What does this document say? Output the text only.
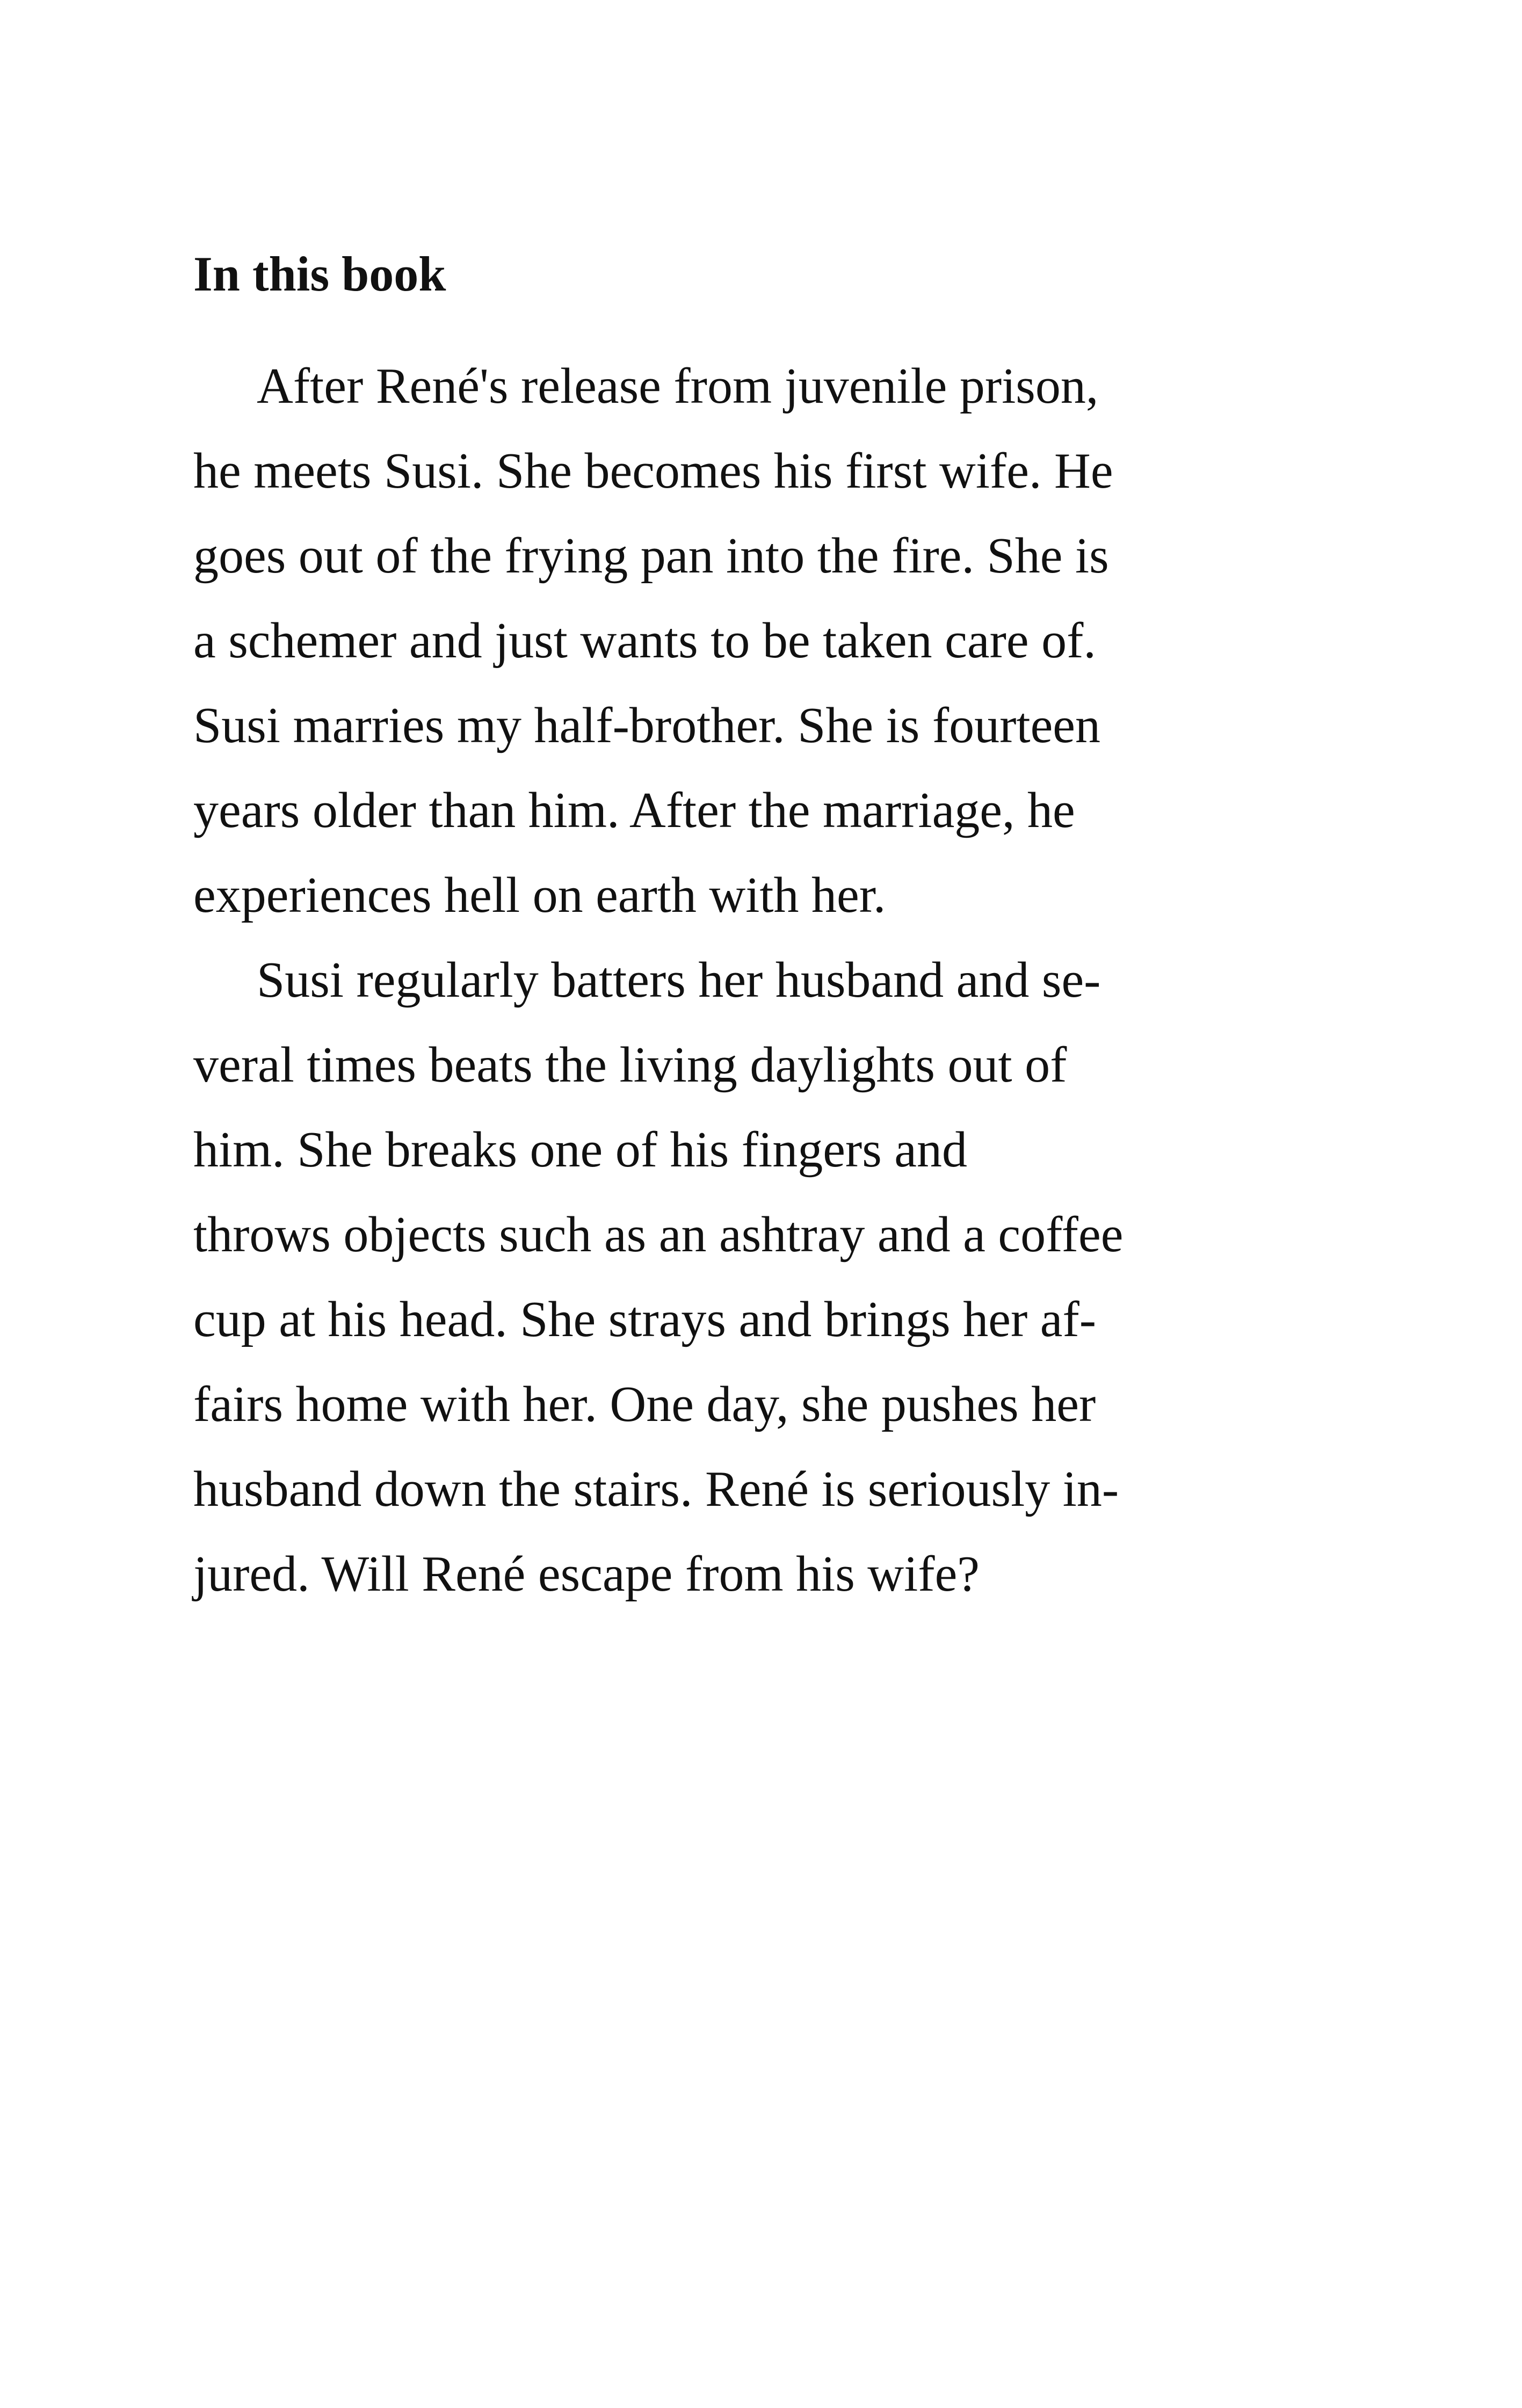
In this book
After René's release from juvenile prison,
he meets Susi. She becomes his first wife. He
goes out of the frying pan into the fire. She is
a schemer and just wants to be taken care of.
Susi marries my half-brother. She is fourteen
years older than him. After the marriage, he
experiences hell on earth with her.
Susi regularly batters her husband and se-
veral times beats the living daylights out of
him. She breaks one of his fingers and
throws objects such as an ashtray and a coffee
cup at his head. She strays and brings her af-
fairs home with her. One day, she pushes her
husband down the stairs. René is seriously in-
jured. Will René escape from his wife?
